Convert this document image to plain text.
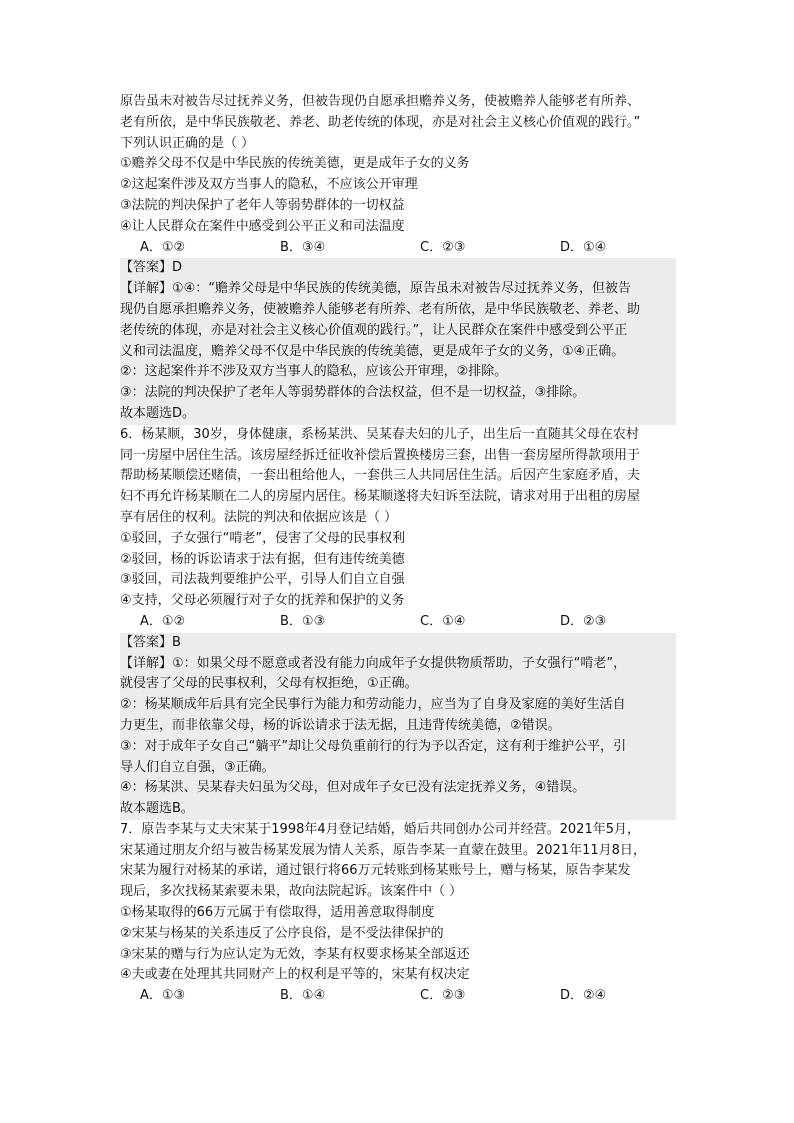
原告虽未对被告尽过抚养义务，但被告现仍自愿承担赡养义务，使被赡养人能够老有所养、
老有所依，是中华民族敬老、养老、助老传统的体现，亦是对社会主义核心价值观的践行。”
下列认识正确的是（ ）
①赡养父母不仅是中华民族的传统美德，更是成年子女的义务
②这起案件涉及双方当事人的隐私，不应该公开审理
③法院的判决保护了老年人等弱势群体的一切权益
④让人民群众在案件中感受到公平正义和司法温度
A．①②	B．③④	C．②③	D．①④
【答案】D
【详解】①④：“赡养父母是中华民族的传统美德，原告虽未对被告尽过抚养义务，但被告
现仍自愿承担赡养义务，使被赡养人能够老有所养、老有所依，是中华民族敬老、养老、助
老传统的体现，亦是对社会主义核心价值观的践行。”，让人民群众在案件中感受到公平正
义和司法温度，赡养父母不仅是中华民族的传统美德，更是成年子女的义务，①④正确。
②：这起案件并不涉及双方当事人的隐私，应该公开审理，②排除。
③：法院的判决保护了老年人等弱势群体的合法权益，但不是一切权益，③排除。
故本题选D。
6．杨某顺，30岁，身体健康，系杨某洪、吴某春夫妇的儿子，出生后一直随其父母在农村
同一房屋中居住生活。该房屋经拆迁征收补偿后置换楼房三套，出售一套房屋所得款项用于
帮助杨某顺偿还赌债，一套出租给他人，一套供三人共同居住生活。后因产生家庭矛盾，夫
妇不再允许杨某顺在二人的房屋内居住。杨某顺遂将夫妇诉至法院，请求对用于出租的房屋
享有居住的权利。法院的判决和依据应该是（ ）
①驳回，子女强行“啃老”，侵害了父母的民事权利
②驳回，杨的诉讼请求于法有据，但有违传统美德
③驳回，司法裁判要维护公平，引导人们自立自强
④支持，父母必须履行对子女的抚养和保护的义务
A．①②	B．①③	C．①④	D．②③
【答案】B
【详解】①：如果父母不愿意或者没有能力向成年子女提供物质帮助，子女强行“啃老”，
就侵害了父母的民事权利，父母有权拒绝，①正确。
②：杨某顺成年后具有完全民事行为能力和劳动能力，应当为了自身及家庭的美好生活自
力更生，而非依靠父母，杨的诉讼请求于法无据，且违背传统美德，②错误。
③：对于成年子女自己“躺平”却让父母负重前行的行为予以否定，这有利于维护公平，引
导人们自立自强，③正确。
④：杨某洪、吴某春夫妇虽为父母，但对成年子女已没有法定抚养义务，④错误。
故本题选B。
7．原告李某与丈夫宋某于1998年4月登记结婚，婚后共同创办公司并经营。2021年5月，
宋某通过朋友介绍与被告杨某发展为情人关系，原告李某一直蒙在鼓里。2021年11月8日，
宋某为履行对杨某的承诺，通过银行将66万元转账到杨某账号上，赠与杨某，原告李某发
现后，多次找杨某索要未果，故向法院起诉。该案件中（ ）
①杨某取得的66万元属于有偿取得，适用善意取得制度
②宋某与杨某的关系违反了公序良俗，是不受法律保护的
③宋某的赠与行为应认定为无效，李某有权要求杨某全部返还
④夫或妻在处理其共同财产上的权利是平等的，宋某有权决定
A．①③	B．①④	C．②③	D．②④
